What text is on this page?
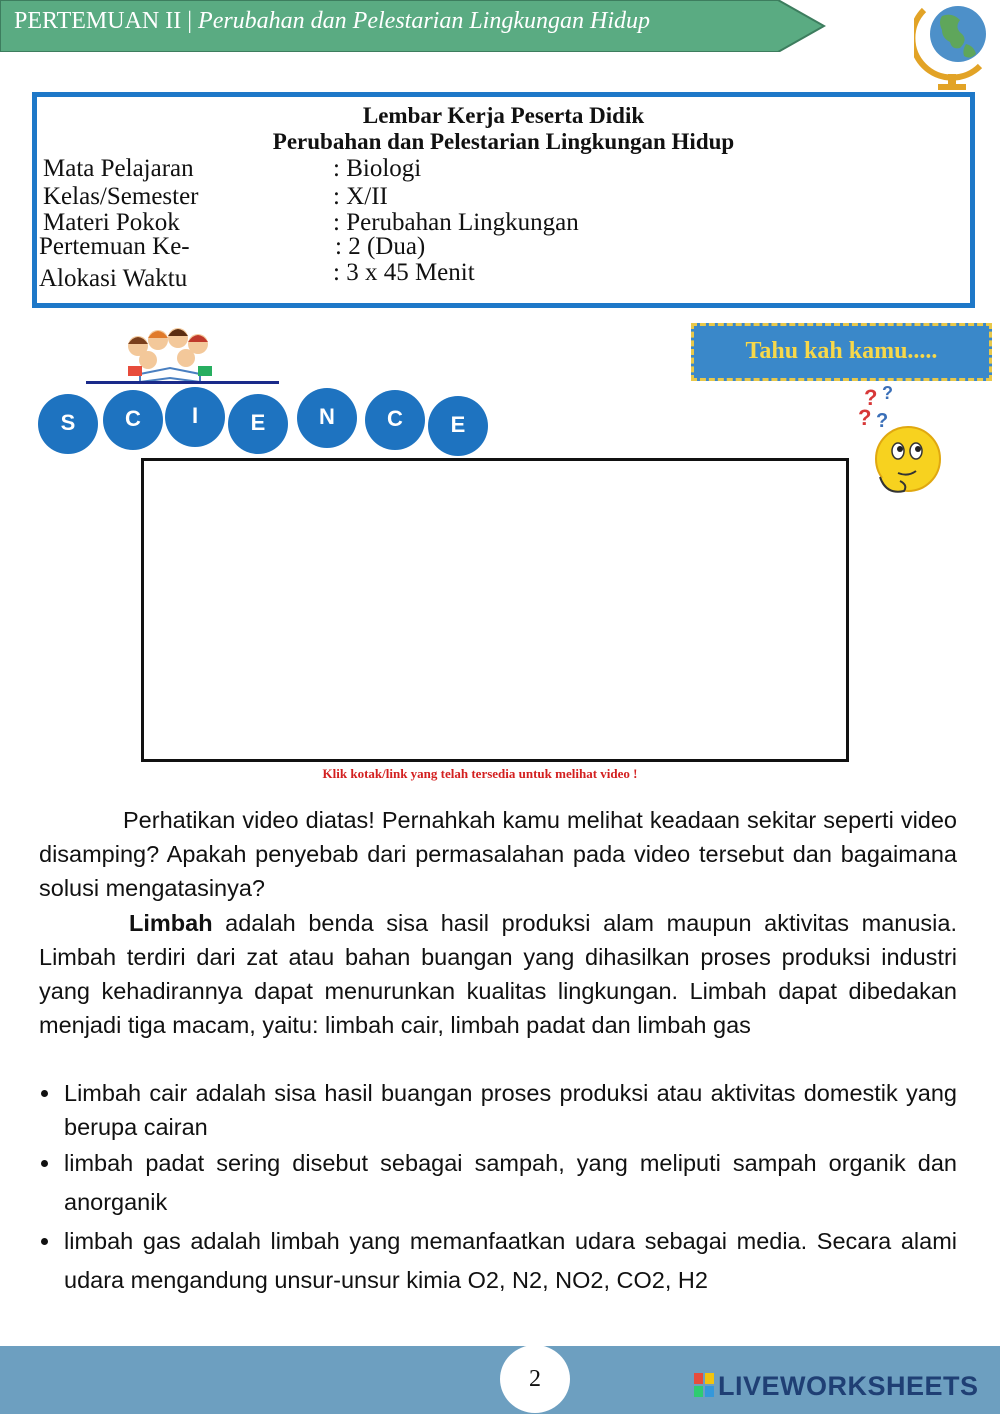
PERTEMUAN II | Perubahan dan Pelestarian Lingkungan Hidup
Lembar Kerja Peserta Didik
Perubahan dan Pelestarian Lingkungan Hidup
Mata Pelajaran	: Biologi
Kelas/Semester	: X/II
Materi Pokok	: Perubahan Lingkungan
Pertemuan Ke-	: 2 (Dua)
Alokasi Waktu	: 3 x 45 Menit
S	C	I	E	N	C	E
Tahu kah kamu.....
? ?
? ?
Klik kotak/link yang telah tersedia untuk melihat video !
Perhatikan video diatas! Pernahkah kamu melihat keadaan sekitar seperti video disamping? Apakah penyebab dari permasalahan pada video tersebut dan bagaimana solusi mengatasinya?
Limbah adalah benda sisa hasil produksi alam maupun aktivitas manusia. Limbah terdiri dari zat atau bahan buangan yang dihasilkan proses produksi industri yang kehadirannya dapat menurunkan kualitas lingkungan. Limbah dapat dibedakan menjadi tiga macam, yaitu: limbah cair, limbah padat dan limbah gas
Limbah cair adalah sisa hasil buangan proses produksi atau aktivitas domestik yang berupa cairan
limbah padat sering disebut sebagai sampah, yang meliputi sampah organik dan anorganik
limbah gas adalah limbah yang memanfaatkan udara sebagai media. Secara alami udara mengandung unsur-unsur kimia O2, N2, NO2, CO2, H2
2	LIVEWORKSHEETS
